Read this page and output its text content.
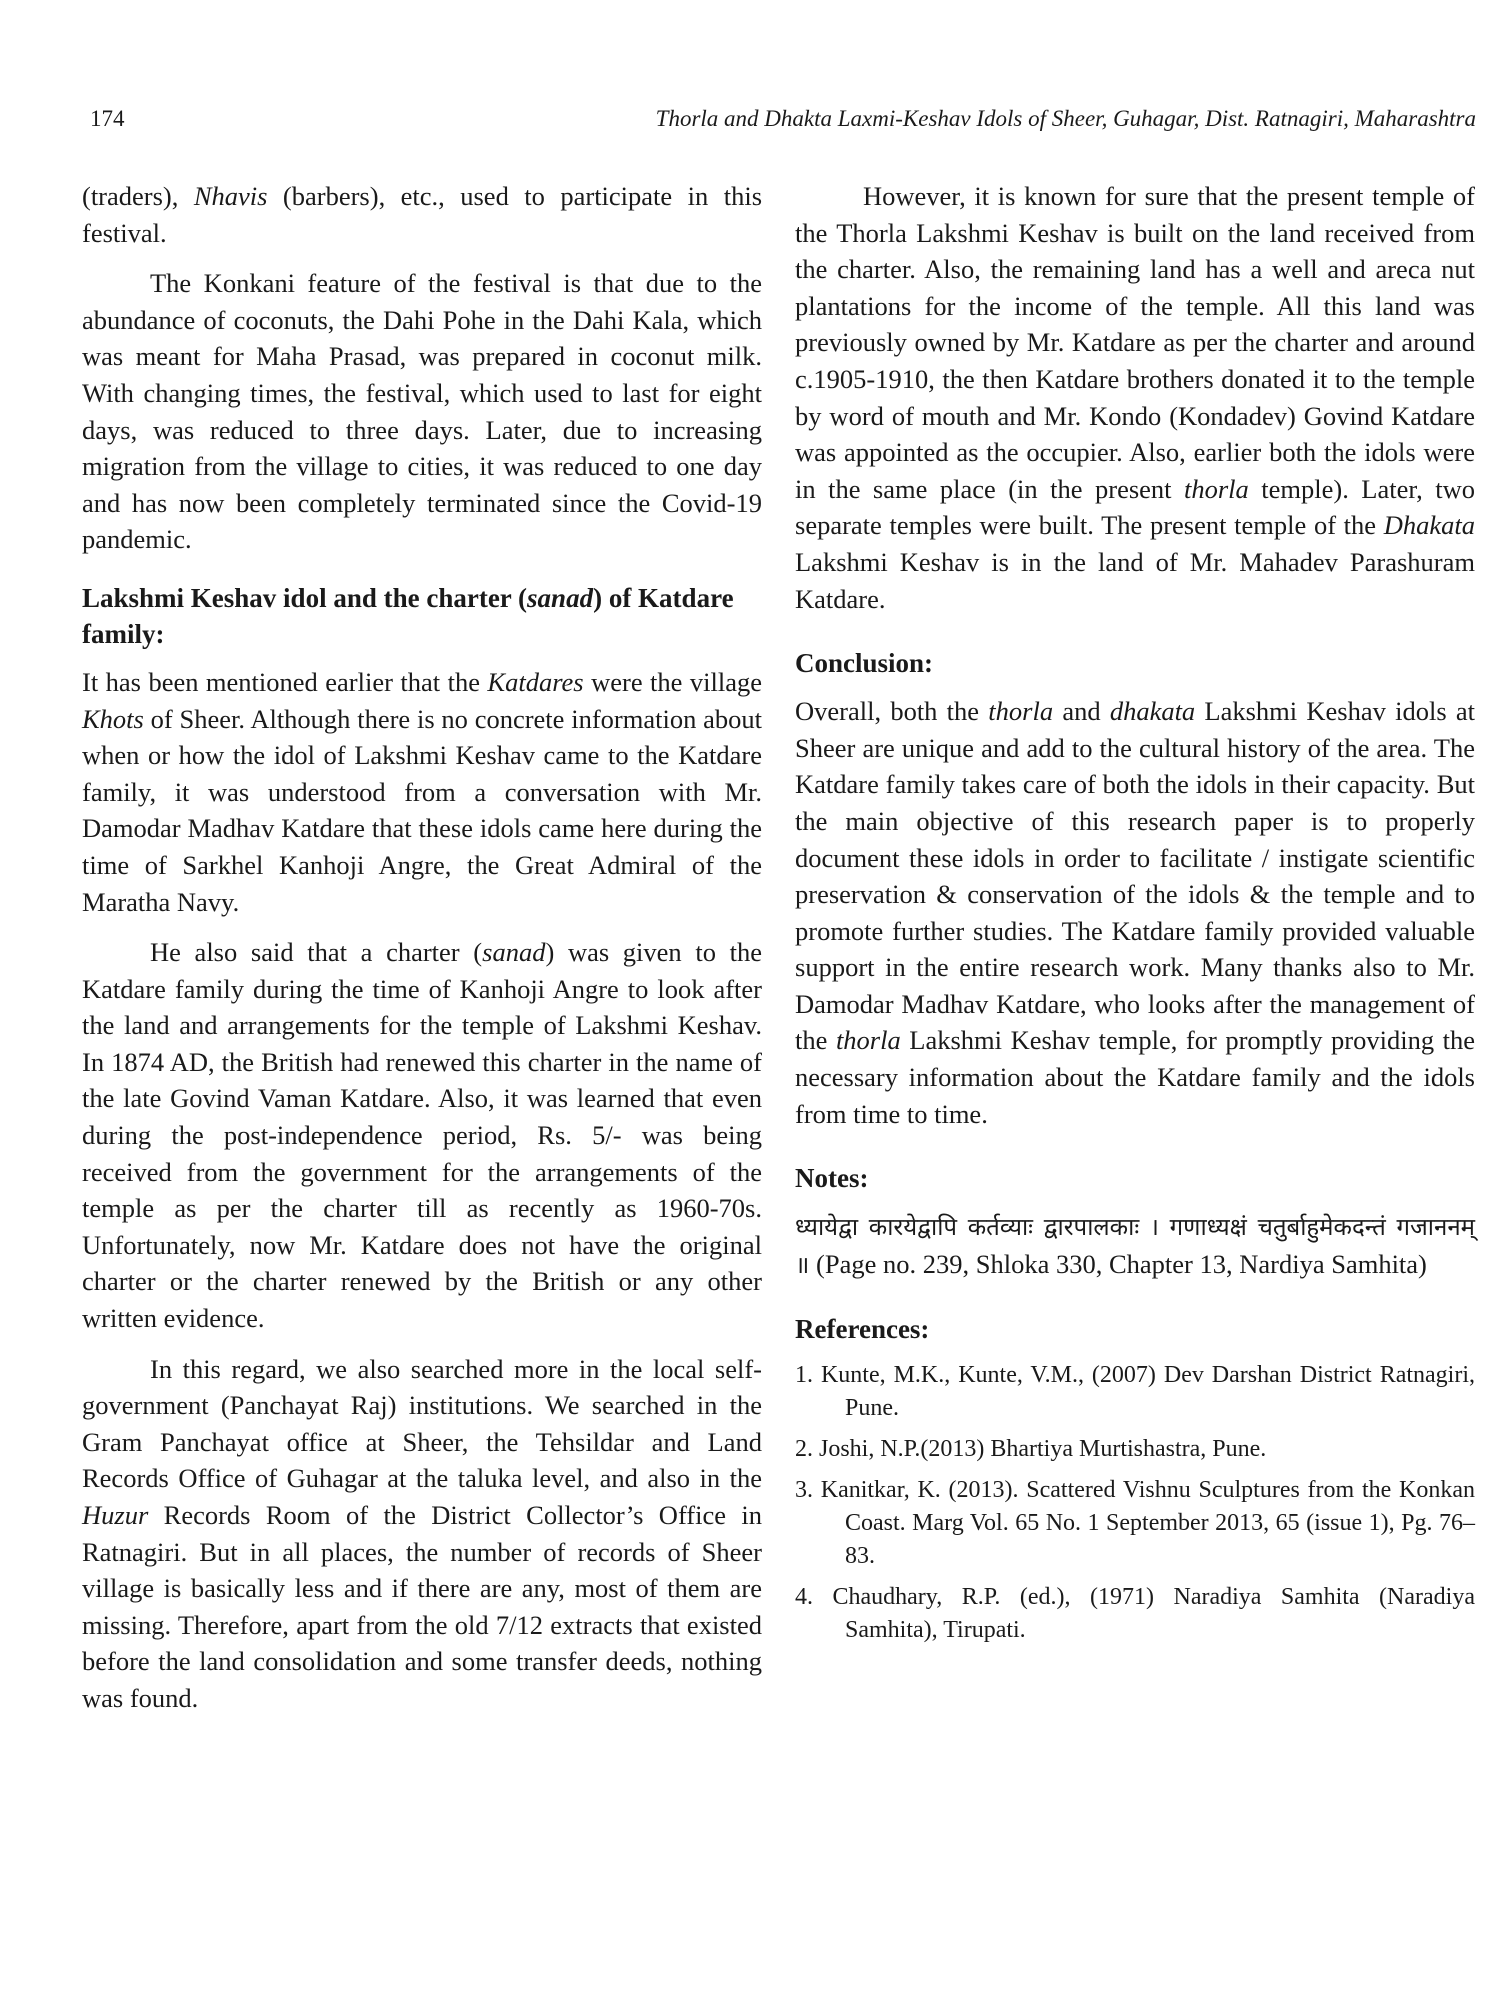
174	Thorla and Dhakta Laxmi-Keshav Idols of Sheer, Guhagar, Dist. Ratnagiri, Maharashtra

(traders), Nhavis (barbers), etc., used to participate in this festival.

The Konkani feature of the festival is that due to the abundance of coconuts, the Dahi Pohe in the Dahi Kala, which was meant for Maha Prasad, was prepared in coconut milk. With changing times, the festival, which used to last for eight days, was reduced to three days. Later, due to increasing migration from the village to cities, it was reduced to one day and has now been completely terminated since the Covid-19 pandemic.

Lakshmi Keshav idol and the charter (sanad) of Katdare family:

It has been mentioned earlier that the Katdares were the village Khots of Sheer. Although there is no concrete information about when or how the idol of Lakshmi Keshav came to the Katdare family, it was understood from a conversation with Mr. Damodar Madhav Katdare that these idols came here during the time of Sarkhel Kanhoji Angre, the Great Admiral of the Maratha Navy.

He also said that a charter (sanad) was given to the Katdare family during the time of Kanhoji Angre to look after the land and arrangements for the temple of Lakshmi Keshav. In 1874 AD, the British had renewed this charter in the name of the late Govind Vaman Katdare. Also, it was learned that even during the post-independence period, Rs. 5/- was being received from the government for the arrangements of the temple as per the charter till as recently as 1960-70s. Unfortunately, now Mr. Katdare does not have the original charter or the charter renewed by the British or any other written evidence.

In this regard, we also searched more in the local self-government (Panchayat Raj) institutions. We searched in the Gram Panchayat office at Sheer, the Tehsildar and Land Records Office of Guhagar at the taluka level, and also in the Huzur Records Room of the District Collector’s Office in Ratnagiri. But in all places, the number of records of Sheer village is basically less and if there are any, most of them are missing. Therefore, apart from the old 7/12 extracts that existed before the land consolidation and some transfer deeds, nothing was found.

However, it is known for sure that the present temple of the Thorla Lakshmi Keshav is built on the land received from the charter. Also, the remaining land has a well and areca nut plantations for the income of the temple. All this land was previously owned by Mr. Katdare as per the charter and around c.1905-1910, the then Katdare brothers donated it to the temple by word of mouth and Mr. Kondo (Kondadev) Govind Katdare was appointed as the occupier. Also, earlier both the idols were in the same place (in the present thorla temple). Later, two separate temples were built. The present temple of the Dhakata Lakshmi Keshav is in the land of Mr. Mahadev Parashuram Katdare.

Conclusion:

Overall, both the thorla and dhakata Lakshmi Keshav idols at Sheer are unique and add to the cultural history of the area. The Katdare family takes care of both the idols in their capacity. But the main objective of this research paper is to properly document these idols in order to facilitate / instigate scientific preservation & conservation of the idols & the temple and to promote further studies. The Katdare family provided valuable support in the entire research work. Many thanks also to Mr. Damodar Madhav Katdare, who looks after the management of the thorla Lakshmi Keshav temple, for promptly providing the necessary information about the Katdare family and the idols from time to time.

Notes:

ध्यायेद्वा कारयेद्वापि कर्तव्याः द्वारपालकाः । गणाध्यक्षं चतुर्बाहुमेकदन्तं गजाननम् ॥ (Page no. 239, Shloka 330, Chapter 13, Nardiya Samhita)

References:
1. Kunte, M.K., Kunte, V.M., (2007) Dev Darshan District Ratnagiri, Pune.
2. Joshi, N.P.(2013) Bhartiya Murtishastra, Pune.
3. Kanitkar, K. (2013). Scattered Vishnu Sculptures from the Konkan Coast. Marg Vol. 65 No. 1 September 2013, 65 (issue 1), Pg. 76–83.
4. Chaudhary, R.P. (ed.), (1971) Naradiya Samhita (Naradiya Samhita), Tirupati.
